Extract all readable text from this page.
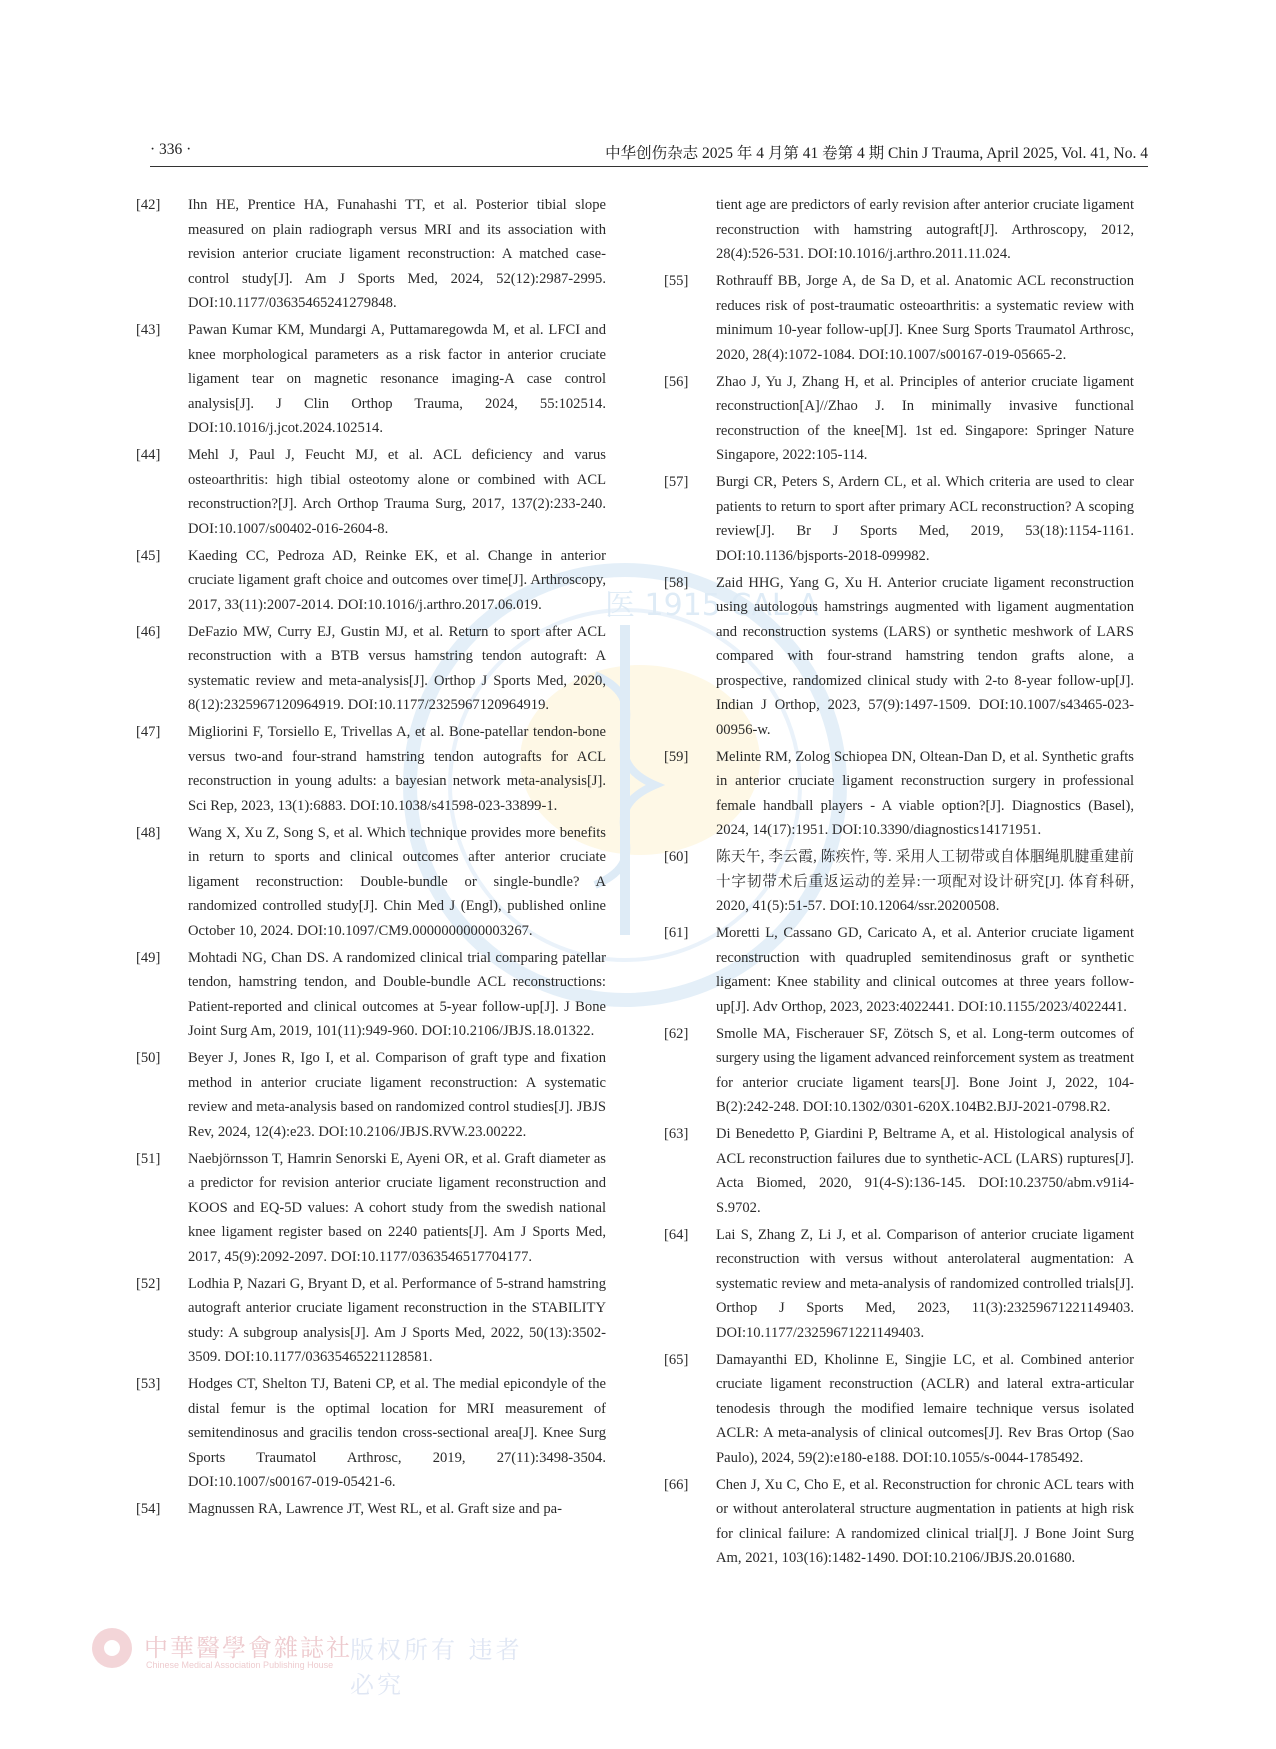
医 1915 CAL A
· 336 ·	中华创伤杂志 2025 年 4 月第 41 卷第 4 期 Chin J Trauma, April 2025, Vol. 41, No. 4
[42]	Ihn HE, Prentice HA, Funahashi TT, et al. Posterior tibial slope measured on plain radiograph versus MRI and its association with revision anterior cruciate ligament reconstruction: A matched case-control study[J]. Am J Sports Med, 2024, 52(12):2987-2995. DOI:10.1177/03635465241279848.
[43]	Pawan Kumar KM, Mundargi A, Puttamaregowda M, et al. LFCI and knee morphological parameters as a risk factor in anterior cruciate ligament tear on magnetic resonance imaging-A case control analysis[J]. J Clin Orthop Trauma, 2024, 55:102514. DOI:10.1016/j.jcot.2024.102514.
[44]	Mehl J, Paul J, Feucht MJ, et al. ACL deficiency and varus osteoarthritis: high tibial osteotomy alone or combined with ACL reconstruction?[J]. Arch Orthop Trauma Surg, 2017, 137(2):233-240. DOI:10.1007/s00402-016-2604-8.
[45]	Kaeding CC, Pedroza AD, Reinke EK, et al. Change in anterior cruciate ligament graft choice and outcomes over time[J]. Arthroscopy, 2017, 33(11):2007-2014. DOI:10.1016/j.arthro.2017.06.019.
[46]	DeFazio MW, Curry EJ, Gustin MJ, et al. Return to sport after ACL reconstruction with a BTB versus hamstring tendon autograft: A systematic review and meta-analysis[J]. Orthop J Sports Med, 2020, 8(12):2325967120964919. DOI:10.1177/2325967120964919.
[47]	Migliorini F, Torsiello E, Trivellas A, et al. Bone-patellar tendon-bone versus two-and four-strand hamstring tendon autografts for ACL reconstruction in young adults: a bayesian network meta-analysis[J]. Sci Rep, 2023, 13(1):6883. DOI:10.1038/s41598-023-33899-1.
[48]	Wang X, Xu Z, Song S, et al. Which technique provides more benefits in return to sports and clinical outcomes after anterior cruciate ligament reconstruction: Double-bundle or single-bundle? A randomized controlled study[J]. Chin Med J (Engl), published online October 10, 2024. DOI:10.1097/CM9.0000000000003267.
[49]	Mohtadi NG, Chan DS. A randomized clinical trial comparing patellar tendon, hamstring tendon, and Double-bundle ACL reconstructions: Patient-reported and clinical outcomes at 5-year follow-up[J]. J Bone Joint Surg Am, 2019, 101(11):949-960. DOI:10.2106/JBJS.18.01322.
[50]	Beyer J, Jones R, Igo I, et al. Comparison of graft type and fixation method in anterior cruciate ligament reconstruction: A systematic review and meta-analysis based on randomized control studies[J]. JBJS Rev, 2024, 12(4):e23. DOI:10.2106/JBJS.RVW.23.00222.
[51]	Naebjörnsson T, Hamrin Senorski E, Ayeni OR, et al. Graft diameter as a predictor for revision anterior cruciate ligament reconstruction and KOOS and EQ-5D values: A cohort study from the swedish national knee ligament register based on 2240 patients[J]. Am J Sports Med, 2017, 45(9):2092-2097. DOI:10.1177/0363546517704177.
[52]	Lodhia P, Nazari G, Bryant D, et al. Performance of 5-strand hamstring autograft anterior cruciate ligament reconstruction in the STABILITY study: A subgroup analysis[J]. Am J Sports Med, 2022, 50(13):3502-3509. DOI:10.1177/03635465221128581.
[53]	Hodges CT, Shelton TJ, Bateni CP, et al. The medial epicondyle of the distal femur is the optimal location for MRI measurement of semitendinosus and gracilis tendon cross-sectional area[J]. Knee Surg Sports Traumatol Arthrosc, 2019, 27(11):3498-3504. DOI:10.1007/s00167-019-05421-6.
[54]	Magnussen RA, Lawrence JT, West RL, et al. Graft size and pa-
tient age are predictors of early revision after anterior cruciate ligament reconstruction with hamstring autograft[J]. Arthroscopy, 2012, 28(4):526-531. DOI:10.1016/j.arthro.2011.11.024.
[55]	Rothrauff BB, Jorge A, de Sa D, et al. Anatomic ACL reconstruction reduces risk of post-traumatic osteoarthritis: a systematic review with minimum 10-year follow-up[J]. Knee Surg Sports Traumatol Arthrosc, 2020, 28(4):1072-1084. DOI:10.1007/s00167-019-05665-2.
[56]	Zhao J, Yu J, Zhang H, et al. Principles of anterior cruciate ligament reconstruction[A]//Zhao J. In minimally invasive functional reconstruction of the knee[M]. 1st ed. Singapore: Springer Nature Singapore, 2022:105-114.
[57]	Burgi CR, Peters S, Ardern CL, et al. Which criteria are used to clear patients to return to sport after primary ACL reconstruction? A scoping review[J]. Br J Sports Med, 2019, 53(18):1154-1161. DOI:10.1136/bjsports-2018-099982.
[58]	Zaid HHG, Yang G, Xu H. Anterior cruciate ligament reconstruction using autologous hamstrings augmented with ligament augmentation and reconstruction systems (LARS) or synthetic meshwork of LARS compared with four-strand hamstring tendon grafts alone, a prospective, randomized clinical study with 2-to 8-year follow-up[J]. Indian J Orthop, 2023, 57(9):1497-1509. DOI:10.1007/s43465-023-00956-w.
[59]	Melinte RM, Zolog Schiopea DN, Oltean-Dan D, et al. Synthetic grafts in anterior cruciate ligament reconstruction surgery in professional female handball players - A viable option?[J]. Diagnostics (Basel), 2024, 14(17):1951. DOI:10.3390/diagnostics14171951.
[60]	陈天午, 李云霞, 陈疾忤, 等. 采用人工韧带或自体腘绳肌腱重建前十字韧带术后重返运动的差异:一项配对设计研究[J]. 体育科研, 2020, 41(5):51-57. DOI:10.12064/ssr.20200508.
[61]	Moretti L, Cassano GD, Caricato A, et al. Anterior cruciate ligament reconstruction with quadrupled semitendinosus graft or synthetic ligament: Knee stability and clinical outcomes at three years follow-up[J]. Adv Orthop, 2023, 2023:4022441. DOI:10.1155/2023/4022441.
[62]	Smolle MA, Fischerauer SF, Zötsch S, et al. Long-term outcomes of surgery using the ligament advanced reinforcement system as treatment for anterior cruciate ligament tears[J]. Bone Joint J, 2022, 104-B(2):242-248. DOI:10.1302/0301-620X.104B2.BJJ-2021-0798.R2.
[63]	Di Benedetto P, Giardini P, Beltrame A, et al. Histological analysis of ACL reconstruction failures due to synthetic-ACL (LARS) ruptures[J]. Acta Biomed, 2020, 91(4-S):136-145. DOI:10.23750/abm.v91i4-S.9702.
[64]	Lai S, Zhang Z, Li J, et al. Comparison of anterior cruciate ligament reconstruction with versus without anterolateral augmentation: A systematic review and meta-analysis of randomized controlled trials[J]. Orthop J Sports Med, 2023, 11(3):23259671221149403. DOI:10.1177/23259671221149403.
[65]	Damayanthi ED, Kholinne E, Singjie LC, et al. Combined anterior cruciate ligament reconstruction (ACLR) and lateral extra-articular tenodesis through the modified lemaire technique versus isolated ACLR: A meta-analysis of clinical outcomes[J]. Rev Bras Ortop (Sao Paulo), 2024, 59(2):e180-e188. DOI:10.1055/s-0044-1785492.
[66]	Chen J, Xu C, Cho E, et al. Reconstruction for chronic ACL tears with or without anterolateral structure augmentation in patients at high risk for clinical failure: A randomized clinical trial[J]. J Bone Joint Surg Am, 2021, 103(16):1482-1490. DOI:10.2106/JBJS.20.01680.
中華醫學會雜誌社
Chinese Medical Association Publishing House
版权所有 违者必究
